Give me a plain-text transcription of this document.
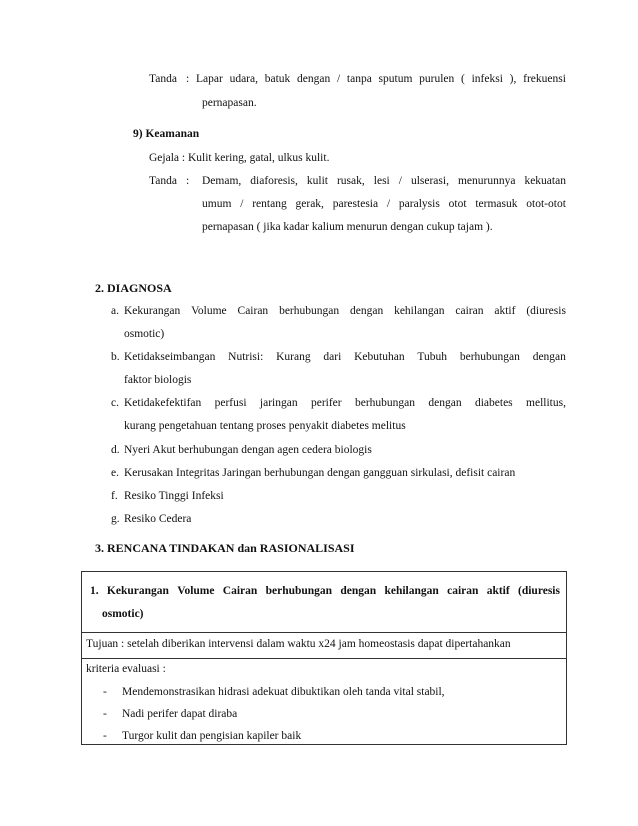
Tanda : Lapar udara, batuk dengan / tanpa sputum purulen ( infeksi ), frekuensi
pernapasan.
9) Keamanan
Gejala : Kulit kering, gatal, ulkus kulit.
Tanda : Demam, diaforesis, kulit rusak, lesi / ulserasi, menurunnya kekuatan
umum / rentang gerak, parestesia / paralysis otot termasuk otot-otot
pernapasan ( jika kadar kalium menurun dengan cukup tajam ).
2. DIAGNOSA
a. Kekurangan Volume Cairan berhubungan dengan kehilangan cairan aktif (diuresis
osmotic)
b. Ketidakseimbangan Nutrisi: Kurang dari Kebutuhan Tubuh berhubungan dengan
faktor biologis
c. Ketidakefektifan perfusi jaringan perifer berhubungan dengan diabetes mellitus,
kurang pengetahuan tentang proses penyakit diabetes melitus
d. Nyeri Akut berhubungan dengan agen cedera biologis
e. Kerusakan Integritas Jaringan berhubungan dengan gangguan sirkulasi, defisit cairan
f. Resiko Tinggi Infeksi
g. Resiko Cedera
3. RENCANA TINDAKAN dan RASIONALISASI
1. Kekurangan Volume Cairan berhubungan dengan kehilangan cairan aktif (diuresis
osmotic)
Tujuan : setelah diberikan intervensi dalam waktu x24 jam homeostasis dapat dipertahankan
kriteria evaluasi :
- Mendemonstrasikan hidrasi adekuat dibuktikan oleh tanda vital stabil,
- Nadi perifer dapat diraba
- Turgor kulit dan pengisian kapiler baik
